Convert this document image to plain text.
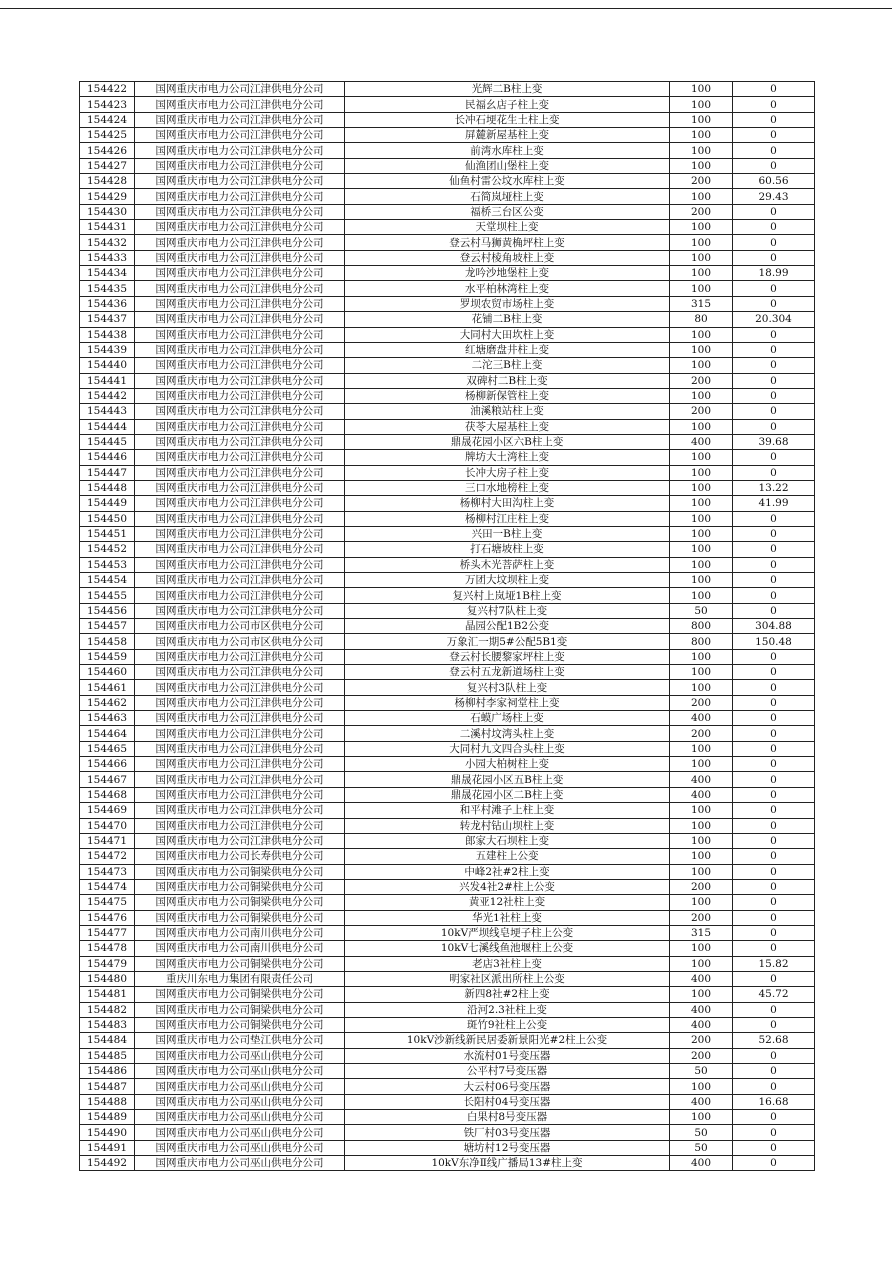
154422	国网重庆市电力公司江津供电分公司	光辉二B柱上变	100	0
154423	国网重庆市电力公司江津供电分公司	民福幺店子柱上变	100	0
154424	国网重庆市电力公司江津供电分公司	长冲石埂花生土柱上变	100	0
154425	国网重庆市电力公司江津供电分公司	屏麓新屋基柱上变	100	0
154426	国网重庆市电力公司江津供电分公司	前湾水库柱上变	100	0
154427	国网重庆市电力公司江津供电分公司	仙渔团山堡柱上变	100	0
154428	国网重庆市电力公司江津供电分公司	仙鱼村雷公坟水库柱上变	200	60.56
154429	国网重庆市电力公司江津供电分公司	石简岚垭柱上变	100	29.43
154430	国网重庆市电力公司江津供电分公司	福桥三台区公变	200	0
154431	国网重庆市电力公司江津供电分公司	天堂坝柱上变	100	0
154432	国网重庆市电力公司江津供电分公司	登云村马狮黄桷坪柱上变	100	0
154433	国网重庆市电力公司江津供电分公司	登云村棱角坡柱上变	100	0
154434	国网重庆市电力公司江津供电分公司	龙吟沙地堡柱上变	100	18.99
154435	国网重庆市电力公司江津供电分公司	水平柏林湾柱上变	100	0
154436	国网重庆市电力公司江津供电分公司	罗坝农贸市场柱上变	315	0
154437	国网重庆市电力公司江津供电分公司	花铺二B柱上变	80	20.304
154438	国网重庆市电力公司江津供电分公司	大同村大田坎柱上变	100	0
154439	国网重庆市电力公司江津供电分公司	红塘磨盘井柱上变	100	0
154440	国网重庆市电力公司江津供电分公司	二沱三B柱上变	100	0
154441	国网重庆市电力公司江津供电分公司	双碑村二B柱上变	200	0
154442	国网重庆市电力公司江津供电分公司	杨柳新保管柱上变	100	0
154443	国网重庆市电力公司江津供电分公司	油溪粮站柱上变	200	0
154444	国网重庆市电力公司江津供电分公司	茯苓大屋基柱上变	100	0
154445	国网重庆市电力公司江津供电分公司	鼎晟花园小区六B柱上变	400	39.68
154446	国网重庆市电力公司江津供电分公司	牌坊大土湾柱上变	100	0
154447	国网重庆市电力公司江津供电分公司	长冲大房子柱上变	100	0
154448	国网重庆市电力公司江津供电分公司	三口水地榜柱上变	100	13.22
154449	国网重庆市电力公司江津供电分公司	杨柳村大田沟柱上变	100	41.99
154450	国网重庆市电力公司江津供电分公司	杨柳村江庄柱上变	100	0
154451	国网重庆市电力公司江津供电分公司	兴田一B柱上变	100	0
154452	国网重庆市电力公司江津供电分公司	打石塘坡柱上变	100	0
154453	国网重庆市电力公司江津供电分公司	桥头木光菩萨柱上变	100	0
154454	国网重庆市电力公司江津供电分公司	万团大坟坝柱上变	100	0
154455	国网重庆市电力公司江津供电分公司	复兴村上岚垭1B柱上变	100	0
154456	国网重庆市电力公司江津供电分公司	复兴村7队柱上变	50	0
154457	国网重庆市电力公司市区供电分公司	晶园公配1B2公变	800	304.88
154458	国网重庆市电力公司市区供电分公司	万象汇一期5#公配5B1变	800	150.48
154459	国网重庆市电力公司江津供电分公司	登云村长腰黎家坪柱上变	100	0
154460	国网重庆市电力公司江津供电分公司	登云村五龙新道场柱上变	100	0
154461	国网重庆市电力公司江津供电分公司	复兴村3队柱上变	100	0
154462	国网重庆市电力公司江津供电分公司	杨柳村李家祠堂柱上变	200	0
154463	国网重庆市电力公司江津供电分公司	石蟆广场柱上变	400	0
154464	国网重庆市电力公司江津供电分公司	二溪村坟湾头柱上变	200	0
154465	国网重庆市电力公司江津供电分公司	大同村九文四合头柱上变	100	0
154466	国网重庆市电力公司江津供电分公司	小园大柏树柱上变	100	0
154467	国网重庆市电力公司江津供电分公司	鼎晟花园小区五B柱上变	400	0
154468	国网重庆市电力公司江津供电分公司	鼎晟花园小区二B柱上变	400	0
154469	国网重庆市电力公司江津供电分公司	和平村滩子上柱上变	100	0
154470	国网重庆市电力公司江津供电分公司	转龙村钻山坝柱上变	100	0
154471	国网重庆市电力公司江津供电分公司	郎家大石坝柱上变	100	0
154472	国网重庆市电力公司长寿供电分公司	五建柱上公变	100	0
154473	国网重庆市电力公司铜梁供电分公司	中峰2社#2柱上变	100	0
154474	国网重庆市电力公司铜梁供电分公司	兴发4社2#柱上公变	200	0
154475	国网重庆市电力公司铜梁供电分公司	黄亚12社柱上变	100	0
154476	国网重庆市电力公司铜梁供电分公司	华光1社柱上变	200	0
154477	国网重庆市电力公司南川供电分公司	10kV严坝线皂埂子柱上公变	315	0
154478	国网重庆市电力公司南川供电分公司	10kV七溪线鱼池堰柱上公变	100	0
154479	国网重庆市电力公司铜梁供电分公司	老店3社柱上变	100	15.82
154480	重庆川东电力集团有限责任公司	明家社区派出所柱上公变	400	0
154481	国网重庆市电力公司铜梁供电分公司	新四8社#2柱上变	100	45.72
154482	国网重庆市电力公司铜梁供电分公司	沿河2.3社柱上变	400	0
154483	国网重庆市电力公司铜梁供电分公司	斑竹9社柱上公变	400	0
154484	国网重庆市电力公司垫江供电分公司	10kV沙新线新民居委新景阳光#2柱上公变	200	52.68
154485	国网重庆市电力公司巫山供电分公司	水流村01号变压器	200	0
154486	国网重庆市电力公司巫山供电分公司	公平村7号变压器	50	0
154487	国网重庆市电力公司巫山供电分公司	大云村06号变压器	100	0
154488	国网重庆市电力公司巫山供电分公司	长阳村04号变压器	400	16.68
154489	国网重庆市电力公司巫山供电分公司	白果村8号变压器	100	0
154490	国网重庆市电力公司巫山供电分公司	铁厂村03号变压器	50	0
154491	国网重庆市电力公司巫山供电分公司	塘坊村12号变压器	50	0
154492	国网重庆市电力公司巫山供电分公司	10kV东净Ⅱ线广播局13#柱上变	400	0
